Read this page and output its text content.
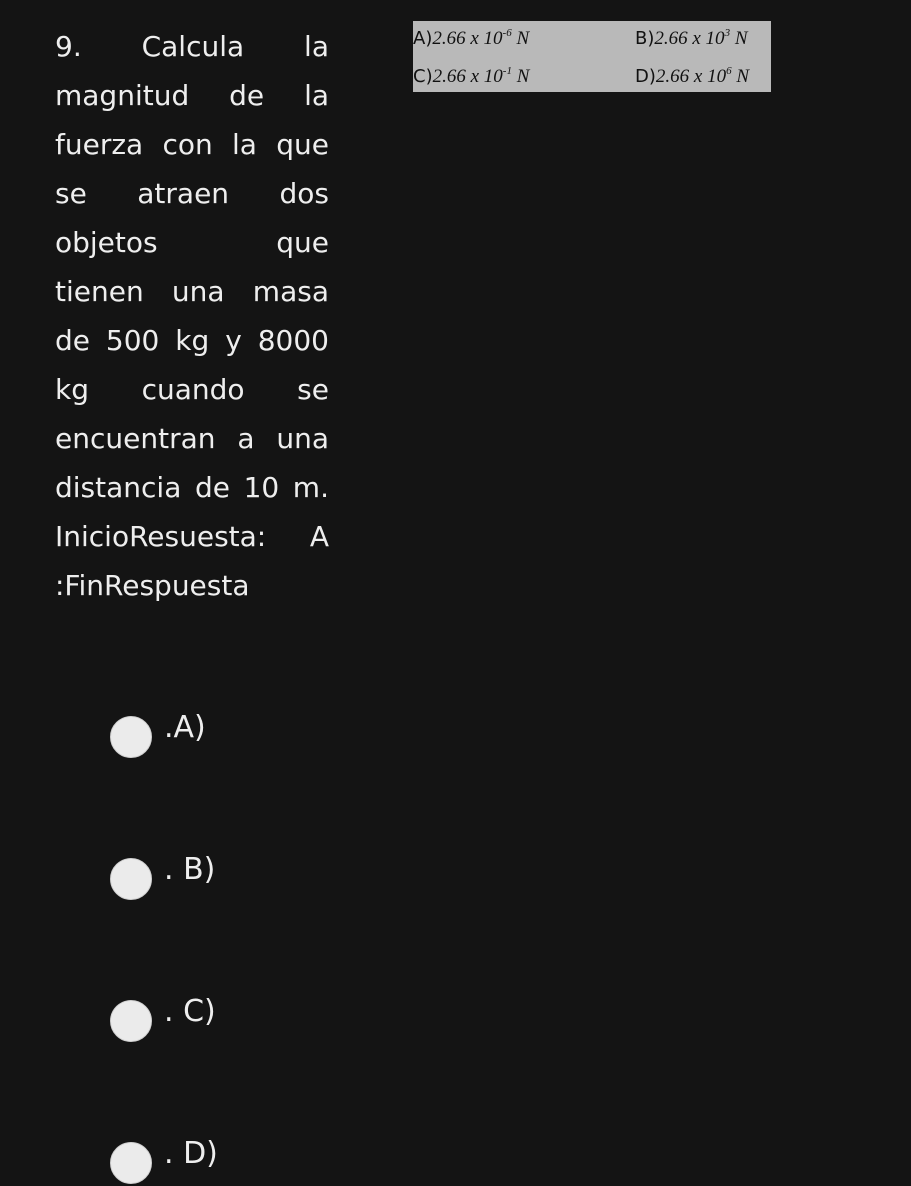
9. Calcula la
magnitud de la
fuerza con la que
se atraen dos
objetos que
tienen una masa
de 500 kg y 8000
kg cuando se
encuentran a una
distancia de 10 m.
InicioResuesta: A
:FinRespuesta
A)2.66 x $10^{-6}$ N	B)2.66 x $10^3$ N
C)2.66 x $10^{-1}$ N	D)2.66 x $10^6$ N
.A)
. B)
. C)
. D)
